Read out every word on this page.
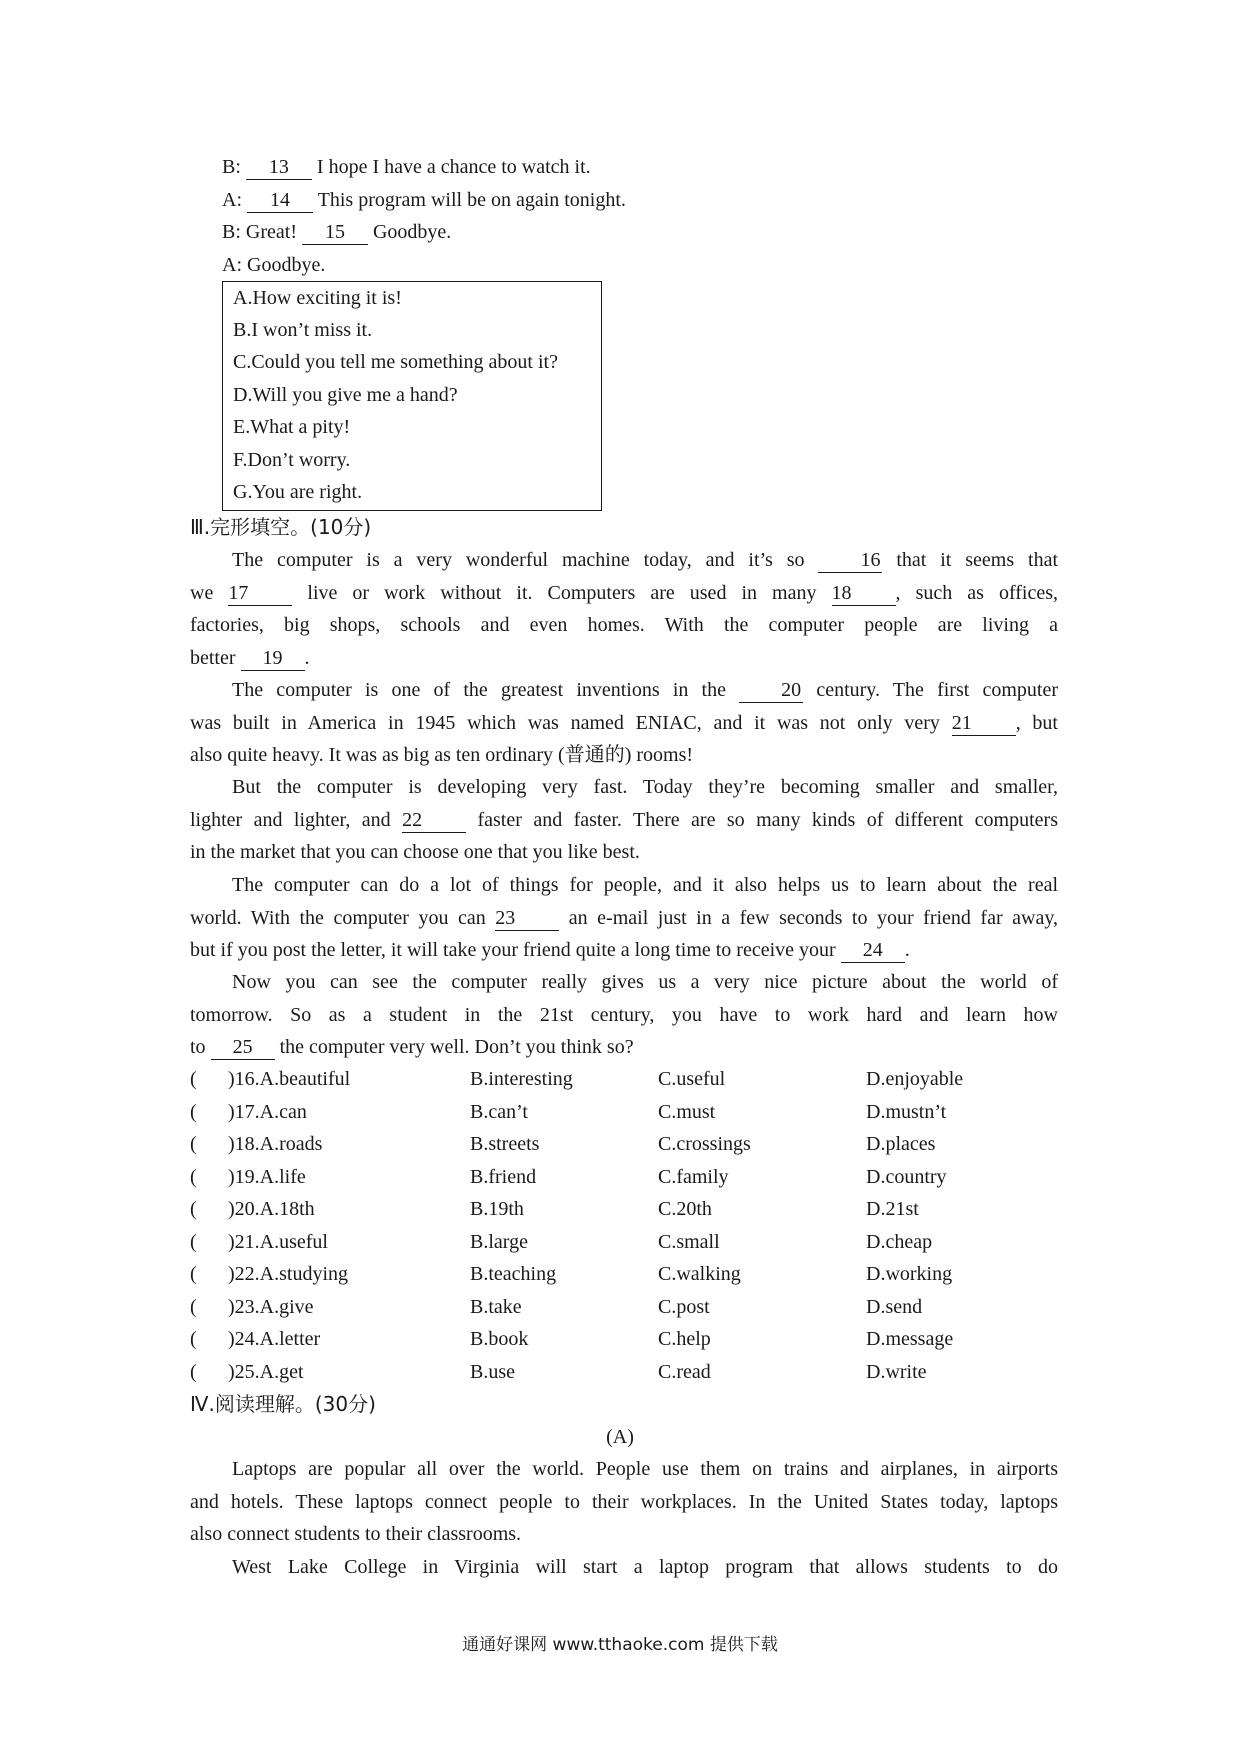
B: 13 I hope I have a chance to watch it.
A: 14 This program will be on again tonight.
B: Great! 15 Goodbye.
A: Goodbye.
A.How exciting it is!
B.I won’t miss it.
C.Could you tell me something about it?
D.Will you give me a hand?
E.What a pity!
F.Don’t worry.
G.You are right.
Ⅲ.完形填空。(10分)
The computer is a very wonderful machine today, and it’s so	16 that it seems that
we 17	live or work without it. Computers are used in many 18 , such as offices,
factories, big shops, schools and even homes. With the computer people are living a
better 19 .
The computer is one of the greatest inventions in the	20 century. The first computer
was built in America in 1945 which was named ENIAC, and it was not only very 21 , but
also quite heavy. It was as big as ten ordinary (普通的) rooms!
But the computer is developing very fast. Today they’re becoming smaller and smaller,
lighter and lighter, and 22	faster and faster. There are so many kinds of different computers
in the market that you can choose one that you like best.
The computer can do a lot of things for people, and it also helps us to learn about the real
world. With the computer you can 23	an e-mail just in a few seconds to your friend far away,
but if you post the letter, it will take your friend quite a long time to receive your 24 .
Now you can see the computer really gives us a very nice picture about the world of
tomorrow. So as a student in the 21st century, you have to work hard and learn how
to 25 the computer very well. Don’t you think so?
( )16.A.beautiful	B.interesting	C.useful	D.enjoyable
( )17.A.can	B.can’t	C.must	D.mustn’t
( )18.A.roads	B.streets	C.crossings	D.places
( )19.A.life	B.friend	C.family	D.country
( )20.A.18th	B.19th	C.20th	D.21st
( )21.A.useful	B.large	C.small	D.cheap
( )22.A.studying	B.teaching	C.walking	D.working
( )23.A.give	B.take	C.post	D.send
( )24.A.letter	B.book	C.help	D.message
( )25.A.get	B.use	C.read	D.write
Ⅳ.阅读理解。(30分)
(A)
Laptops are popular all over the world. People use them on trains and airplanes, in airports
and hotels. These laptops connect people to their workplaces. In the United States today, laptops
also connect students to their classrooms.
West Lake College in Virginia will start a laptop program that allows students to do
通通好课网 www.tthaoke.com 提供下载
